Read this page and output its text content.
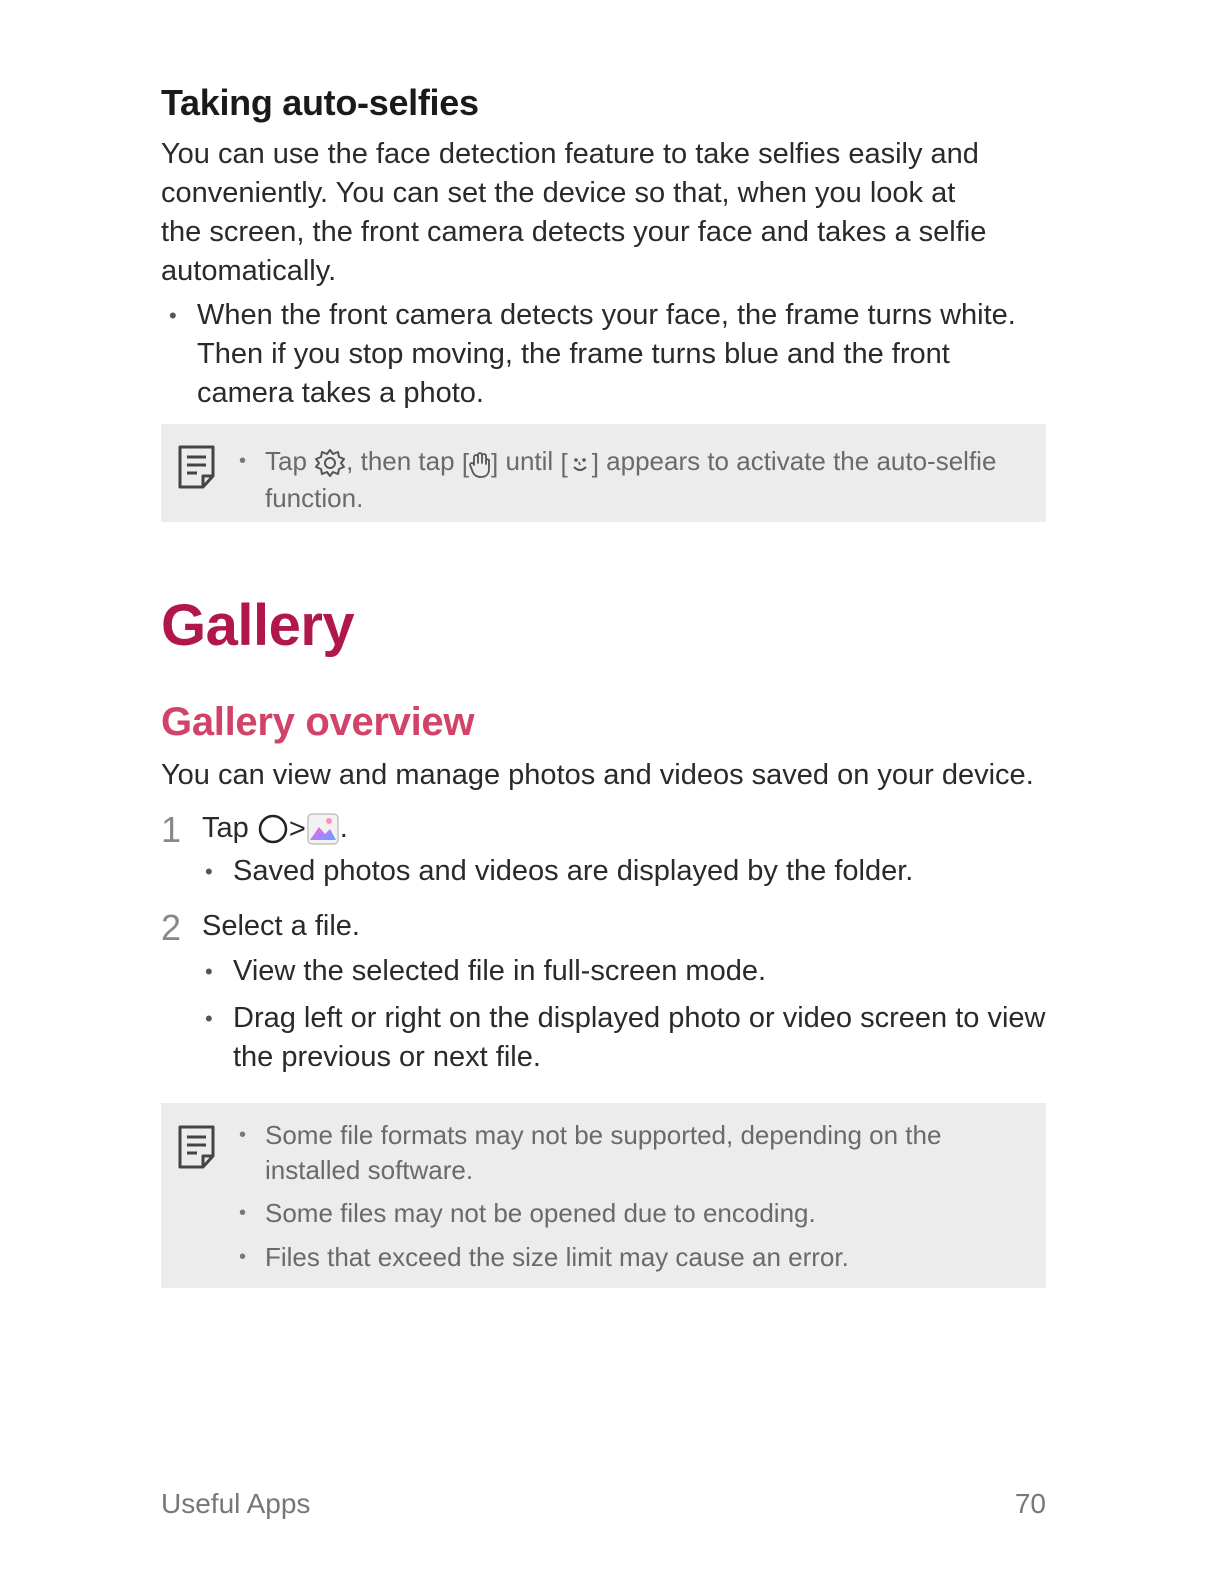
Taking auto-selfies

You can use the face detection feature to take selfies easily and
conveniently. You can set the device so that, when you look at
the screen, the front camera detects your face and takes a selfie
automatically.

• When the front camera detects your face, the frame turns white.
Then if you stop moving, the frame turns blue and the front
camera takes a photo.

• Tap , then tap [ ] until [ ] appears to activate the auto-selfie
function.
Gallery
Gallery overview

You can view and manage photos and videos saved on your device.

1 Tap > .

• Saved photos and videos are displayed by the folder.

2 Select a file.

• View the selected file in full-screen mode.

• Drag left or right on the displayed photo or video screen to view
the previous or next file.

• Some file formats may not be supported, depending on the
installed software.
• Some files may not be opened due to encoding.
• Files that exceed the size limit may cause an error.
Useful Apps	70
